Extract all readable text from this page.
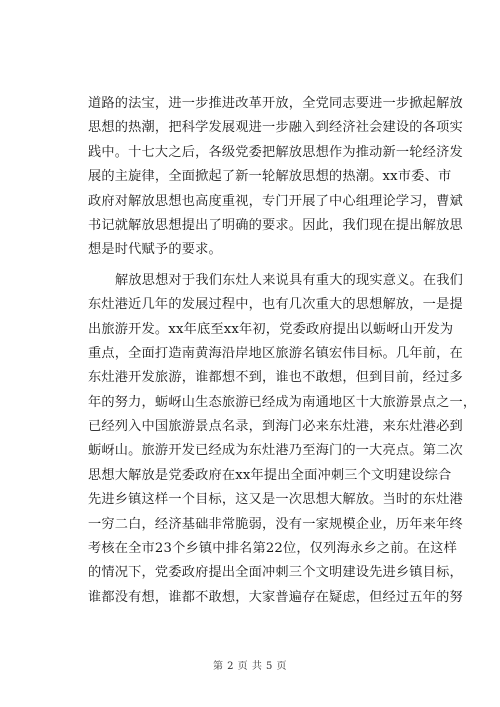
道路的法宝，进一步推进改革开放，全党同志要进一步掀起解放
思想的热潮，把科学发展观进一步融入到经济社会建设的各项实
践中。十七大之后，各级党委把解放思想作为推动新一轮经济发
展的主旋律，全面掀起了新一轮解放思想的热潮。xx市委、市
政府对解放思想也高度重视，专门开展了中心组理论学习，曹斌
书记就解放思想提出了明确的要求。因此，我们现在提出解放思
想是时代赋予的要求。
解放思想对于我们东灶人来说具有重大的现实意义。在我们
东灶港近几年的发展过程中，也有几次重大的思想解放，一是提
出旅游开发。xx年底至xx年初，党委政府提出以蛎岈山开发为
重点，全面打造南黄海沿岸地区旅游名镇宏伟目标。几年前，在
东灶港开发旅游，谁都想不到，谁也不敢想，但到目前，经过多
年的努力，蛎岈山生态旅游已经成为南通地区十大旅游景点之一，
已经列入中国旅游景点名录，到海门必来东灶港，来东灶港必到
蛎岈山。旅游开发已经成为东灶港乃至海门的一大亮点。第二次
思想大解放是党委政府在xx年提出全面冲刺三个文明建设综合
先进乡镇这样一个目标，这又是一次思想大解放。当时的东灶港
一穷二白，经济基础非常脆弱，没有一家规模企业，历年来年终
考核在全市23个乡镇中排名第22位，仅列海永乡之前。在这样
的情况下，党委政府提出全面冲刺三个文明建设先进乡镇目标，
谁都没有想，谁都不敢想，大家普遍存在疑虑，但经过五年的努
第 2 页 共 5 页
